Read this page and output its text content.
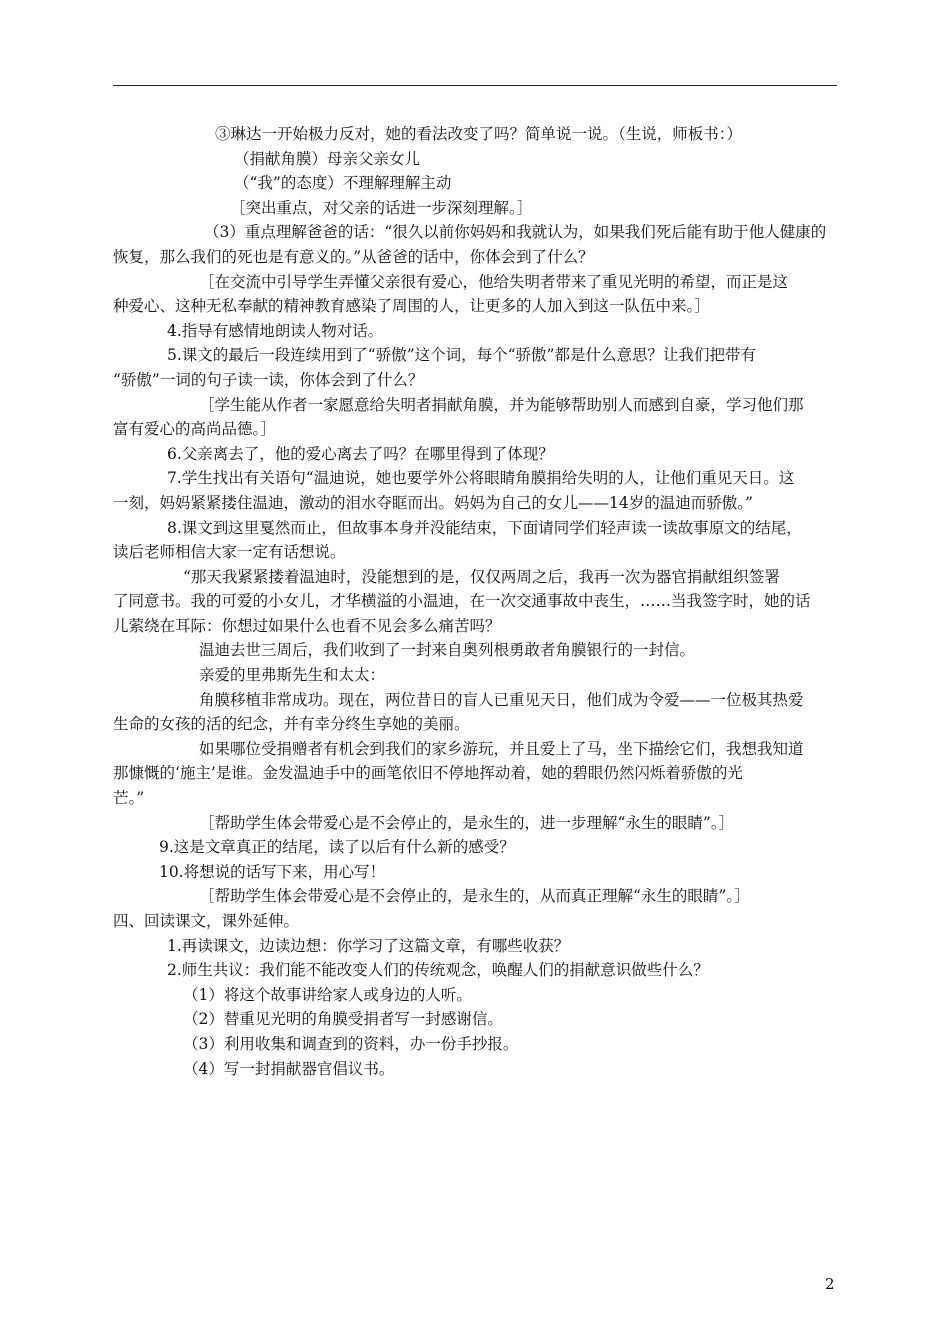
③琳达一开始极力反对，她的看法改变了吗？简单说一说。（生说，师板书：）

（捐献角膜）母亲父亲女儿

（“我”的态度）不理解理解主动

［突出重点，对父亲的话进一步深刻理解。］

（3）重点理解爸爸的话：“很久以前你妈妈和我就认为，如果我们死后能有助于他人健康的

恢复，那么我们的死也是有意义的。”从爸爸的话中，你体会到了什么？

［在交流中引导学生弄懂父亲很有爱心，他给失明者带来了重见光明的希望，而正是这

种爱心、这种无私奉献的精神教育感染了周围的人，让更多的人加入到这一队伍中来。］

4.指导有感情地朗读人物对话。

5.课文的最后一段连续用到了“骄傲”这个词，每个“骄傲”都是什么意思？让我们把带有

“骄傲”一词的句子读一读，你体会到了什么？

［学生能从作者一家愿意给失明者捐献角膜，并为能够帮助别人而感到自豪，学习他们那

富有爱心的高尚品德。］

6.父亲离去了，他的爱心离去了吗？在哪里得到了体现？

7.学生找出有关语句“温迪说，她也要学外公将眼睛角膜捐给失明的人，让他们重见天日。这

一刻，妈妈紧紧搂住温迪，激动的泪水夺眶而出。妈妈为自己的女儿——14岁的温迪而骄傲。”

8.课文到这里戛然而止，但故事本身并没能结束，下面请同学们轻声读一读故事原文的结尾，

读后老师相信大家一定有话想说。

“那天我紧紧搂着温迪时，没能想到的是，仅仅两周之后，我再一次为器官捐献组织签署

了同意书。我的可爱的小女儿，才华横溢的小温迪，在一次交通事故中丧生，……当我签字时，她的话

儿萦绕在耳际：你想过如果什么也看不见会多么痛苦吗？

温迪去世三周后，我们收到了一封来自奥列根勇敢者角膜银行的一封信。

亲爱的里弗斯先生和太太：

角膜移植非常成功。现在，两位昔日的盲人已重见天日，他们成为令爱——一位极其热爱

生命的女孩的活的纪念，并有幸分终生享她的美丽。

如果哪位受捐赠者有机会到我们的家乡游玩，并且爱上了马，坐下描绘它们，我想我知道

那慷慨的‘施主’是谁。金发温迪手中的画笔依旧不停地挥动着，她的碧眼仍然闪烁着骄傲的光

芒。”

［帮助学生体会带爱心是不会停止的，是永生的，进一步理解“永生的眼睛”。］

9.这是文章真正的结尾，读了以后有什么新的感受？

10.将想说的话写下来，用心写！

［帮助学生体会带爱心是不会停止的，是永生的，从而真正理解“永生的眼睛”。］

四、回读课文，课外延伸。

1.再读课文，边读边想：你学习了这篇文章，有哪些收获？

2.师生共议：我们能不能改变人们的传统观念，唤醒人们的捐献意识做些什么？

（1）将这个故事讲给家人或身边的人听。

（2）替重见光明的角膜受捐者写一封感谢信。

（3）利用收集和调查到的资料，办一份手抄报。

（4）写一封捐献器官倡议书。

2
